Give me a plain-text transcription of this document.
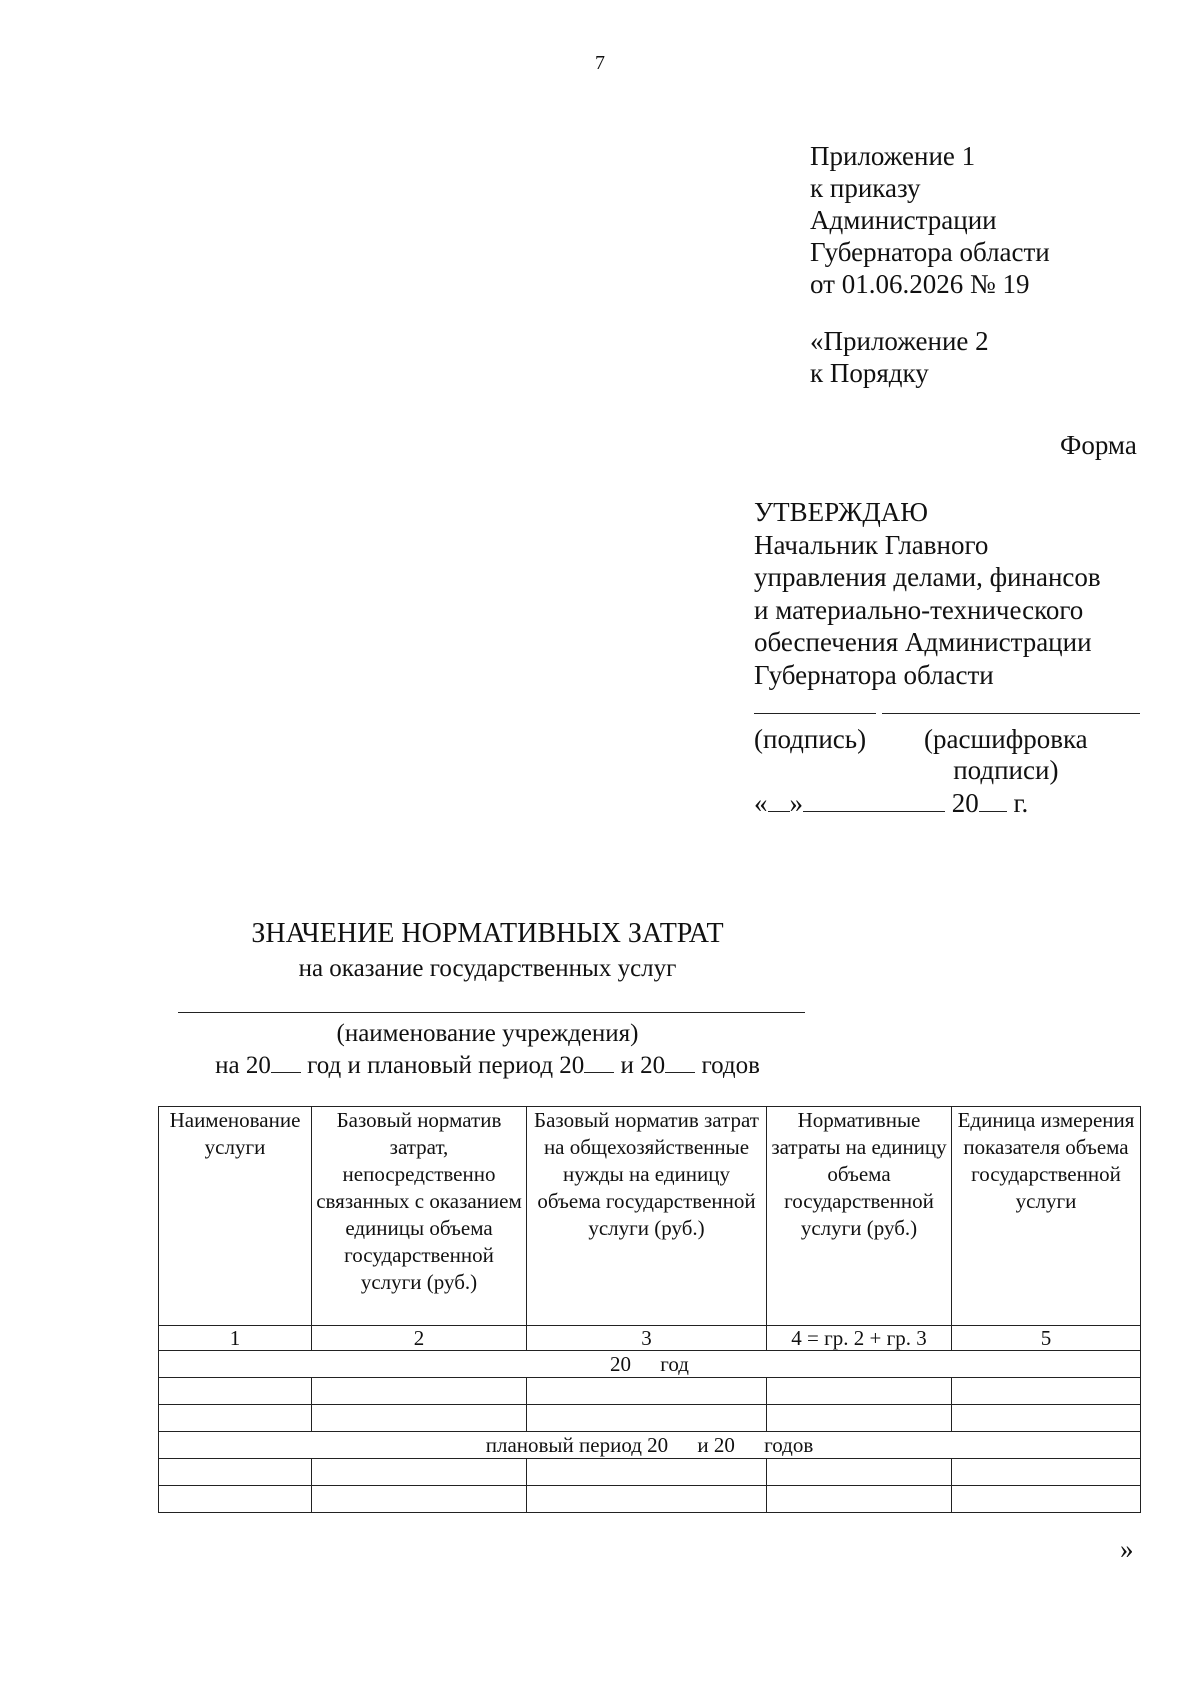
7
Приложение 1
к приказу
Администрации
Губернатора области
от 01.06.2026 № 19
«Приложение 2
к Порядку
Форма
УТВЕРЖДАЮ
Начальник Главного
управления делами, финансов
и материально-технического
обеспечения Администрации
Губернатора области
(подпись) (расшифровка
подписи)
« »	20 г.
ЗНАЧЕНИЕ НОРМАТИВНЫХ ЗАТРАТ
на оказание государственных услуг
(наименование учреждения)
на 20 год и плановый период 20 и 20 годов
Наименование услуги	Базовый норматив затрат, непосредственно связанных с оказанием единицы объема государственной услуги (руб.)	Базовый норматив затрат на общехозяйственные нужды на единицу объема государственной услуги (руб.)	Нормативные затраты на единицу объема государственной услуги (руб.)	Единица измерения показателя объема государственной услуги
1	2	3	4 = гр. 2 + гр. 3	5
20 год				

плановый период 20 и 20 годов				

»
